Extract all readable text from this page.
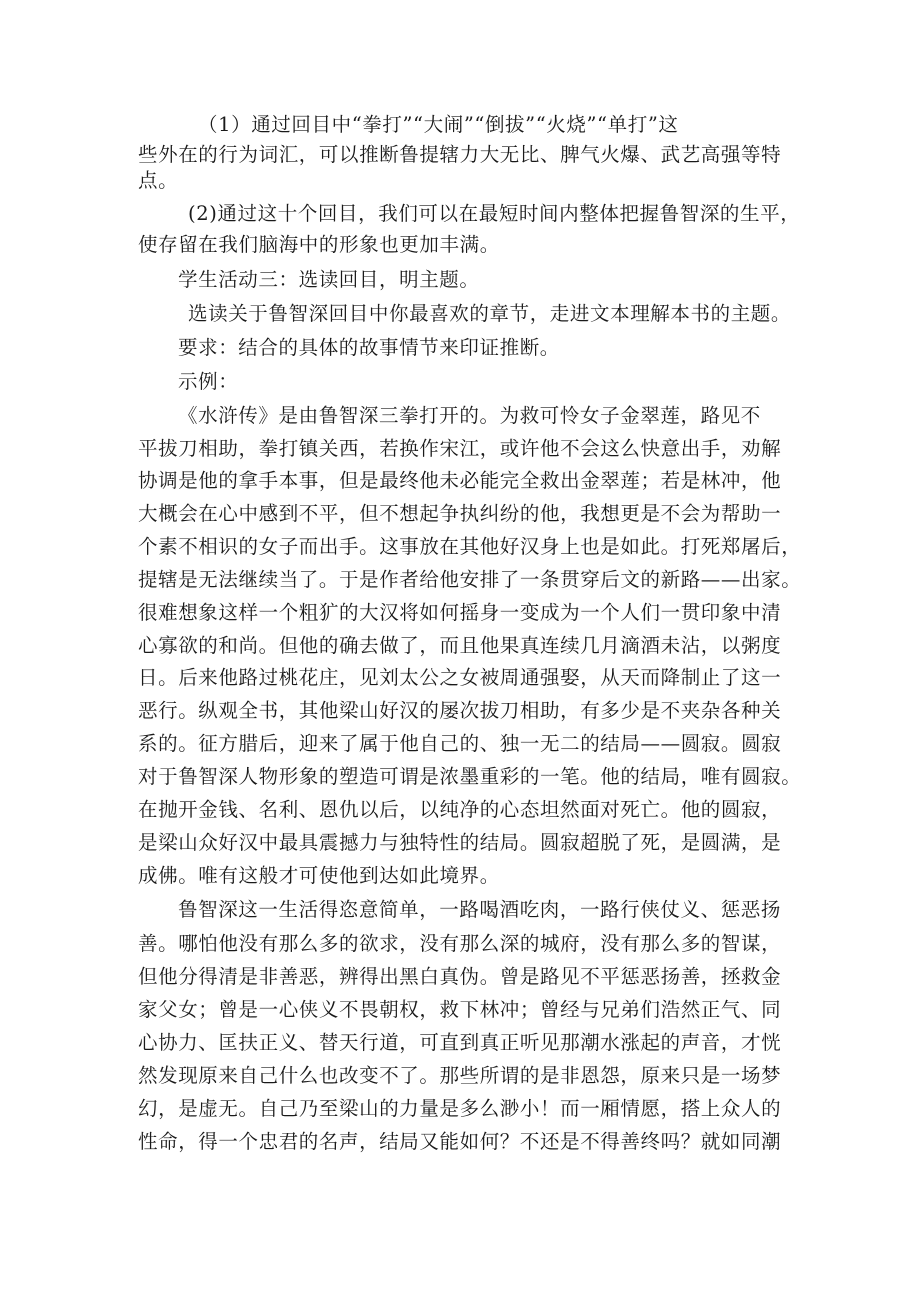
（1）通过回目中“拳打”“大闹”“倒拔”“火烧”“单打”这

些外在的行为词汇，可以推断鲁提辖力大无比、脾气火爆、武艺高强等特

点。

(2)通过这十个回目，我们可以在最短时间内整体把握鲁智深的生平，

使存留在我们脑海中的形象也更加丰满。

学生活动三：选读回目，明主题。

选读关于鲁智深回目中你最喜欢的章节，走进文本理解本书的主题。

要求：结合的具体的故事情节来印证推断。

示例：

《水浒传》是由鲁智深三拳打开的。为救可怜女子金翠莲，路见不

平拔刀相助，拳打镇关西，若换作宋江，或许他不会这么快意出手，劝解

协调是他的拿手本事，但是最终他未必能完全救出金翠莲；若是林冲，他

大概会在心中感到不平，但不想起争执纠纷的他，我想更是不会为帮助一

个素不相识的女子而出手。这事放在其他好汉身上也是如此。打死郑屠后，

提辖是无法继续当了。于是作者给他安排了一条贯穿后文的新路——出家。

很难想象这样一个粗犷的大汉将如何摇身一变成为一个人们一贯印象中清

心寡欲的和尚。但他的确去做了，而且他果真连续几月滴酒未沾，以粥度

日。后来他路过桃花庄，见刘太公之女被周通强娶，从天而降制止了这一

恶行。纵观全书，其他梁山好汉的屡次拔刀相助，有多少是不夹杂各种关

系的。征方腊后，迎来了属于他自己的、独一无二的结局——圆寂。圆寂

对于鲁智深人物形象的塑造可谓是浓墨重彩的一笔。他的结局，唯有圆寂。

在抛开金钱、名利、恩仇以后，以纯净的心态坦然面对死亡。他的圆寂，

是梁山众好汉中最具震撼力与独特性的结局。圆寂超脱了死，是圆满，是

成佛。唯有这般才可使他到达如此境界。

鲁智深这一生活得恣意简单，一路喝酒吃肉，一路行侠仗义、惩恶扬

善。哪怕他没有那么多的欲求，没有那么深的城府，没有那么多的智谋，

但他分得清是非善恶，辨得出黑白真伪。曾是路见不平惩恶扬善，拯救金

家父女；曾是一心侠义不畏朝权，救下林冲；曾经与兄弟们浩然正气、同

心协力、匡扶正义、替天行道，可直到真正听见那潮水涨起的声音，才恍

然发现原来自己什么也改变不了。那些所谓的是非恩怨，原来只是一场梦

幻，是虚无。自己乃至梁山的力量是多么渺小！而一厢情愿，搭上众人的

性命，得一个忠君的名声，结局又能如何？不还是不得善终吗？就如同潮
